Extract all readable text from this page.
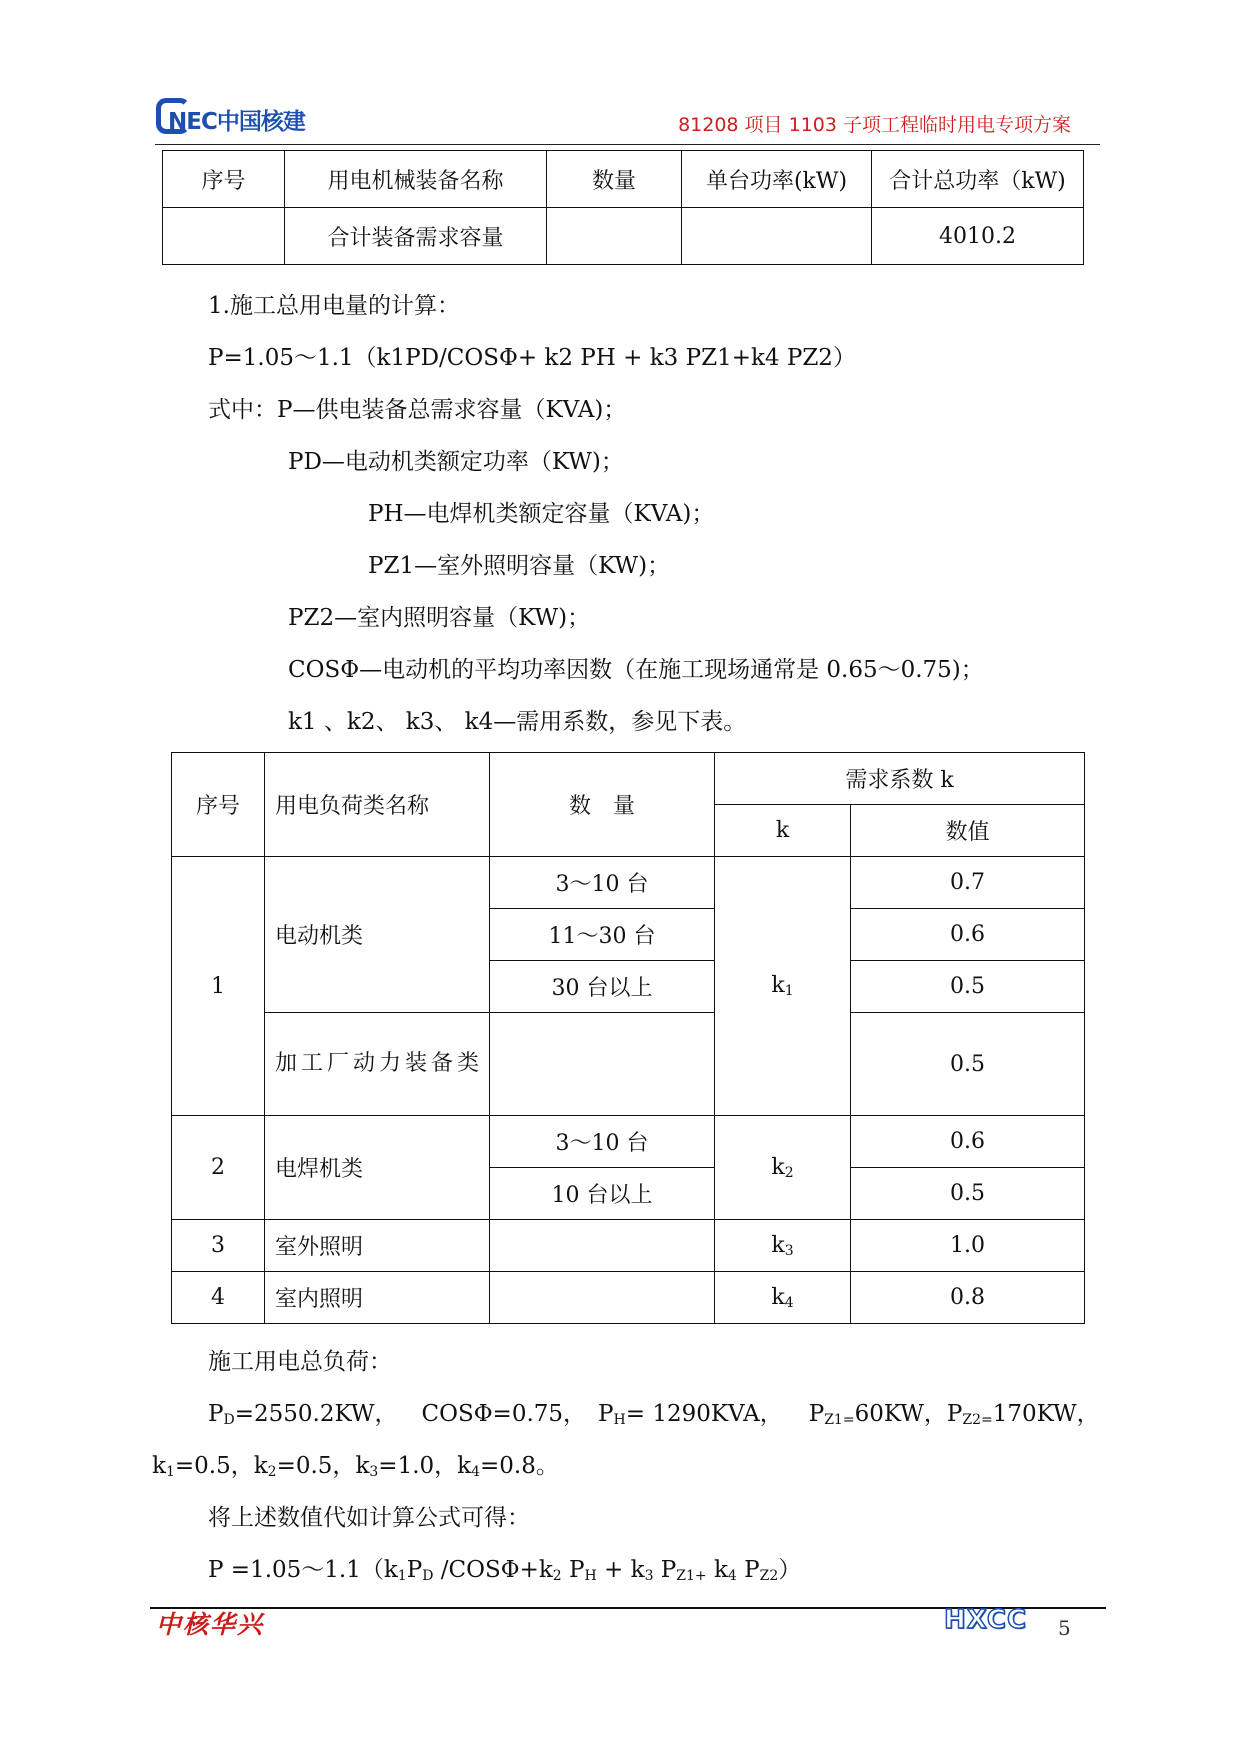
NEC中国核建	81208 项目 1103 子项工程临时用电专项方案
序号	用电机械装备名称	数量	单台功率(kW)	合计总功率（kW)
	合计装备需求容量			4010.2
1.施工总用电量的计算：
P=1.05～1.1（k1PD/COSΦ+ k2 PH + k3 PZ1+k4 PZ2）
式中：P—供电装备总需求容量（KVA)；
PD—电动机类额定功率（KW)；
PH—电焊机类额定容量（KVA)；
PZ1—室外照明容量（KW)；
PZ2—室内照明容量（KW)；
COSΦ—电动机的平均功率因数（在施工现场通常是 0.65～0.75)；
k1 、k2、 k3、 k4—需用系数，参见下表。
序号	用电负荷类名称	数　量	需求系数 k	
			k	数值
1	电动机类	3～10 台	$k_1$	0.7
		11～30 台		0.6
		30 台以上		0.5
	加工厂动力装备类			0.5
2	电焊机类	3～10 台	$k_2$	0.6
		10 台以上		0.5
3	室外照明		$k_3$	1.0
4	室内照明		$k_4$	0.8
施工用电总负荷：
$P_D=2550.2KW$， COSΦ=0.75， $P_H= 1290KVA$， $P_{Z1=}60KW$，$P_{Z2=}170KW$，
$k_1=0.5$，$k_2=0.5$，$k_3=1.0$，$k_4=0.8$。
将上述数值代如计算公式可得：
$P =1.05\sim 1.1(k_1P_D$ $/COS\Phi+k_2$ $P_H + k_3$ $P_{Z1+}$ $k_4$ $P_{Z2}$）
中核华兴	HXCC 5
